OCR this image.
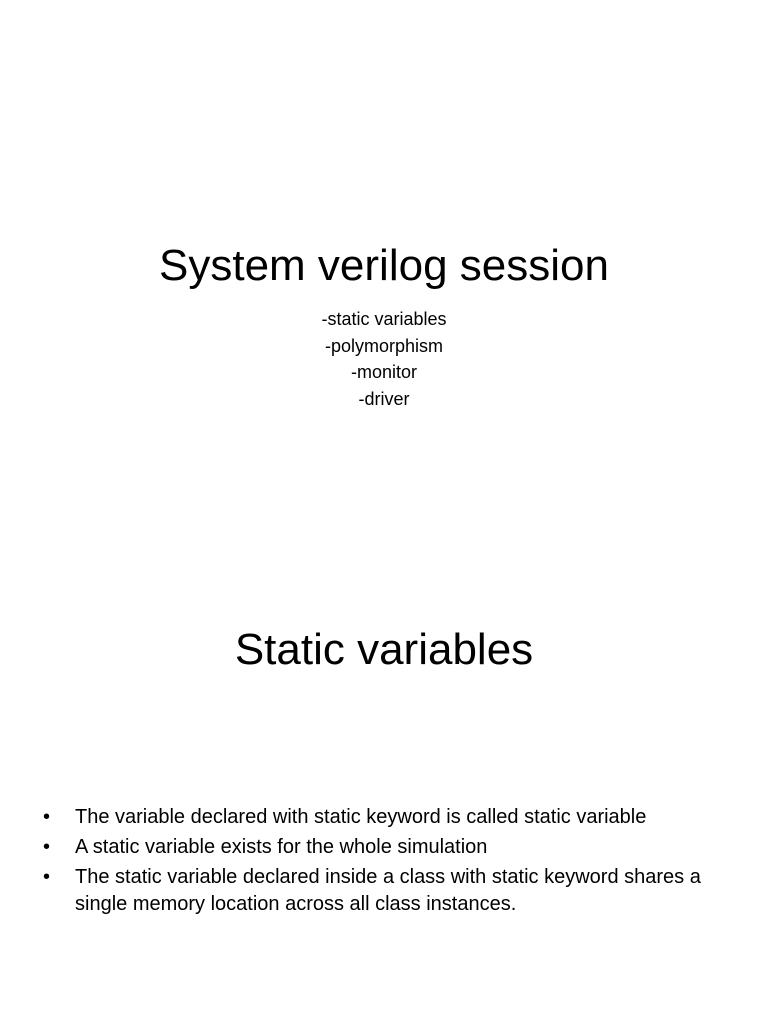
System verilog session
-static variables
-polymorphism
-monitor
-driver
Static variables
• The variable declared with static keyword is called static variable
• A static variable exists for the whole simulation
• The static variable declared inside a class with static keyword shares a single memory location across all class instances.
